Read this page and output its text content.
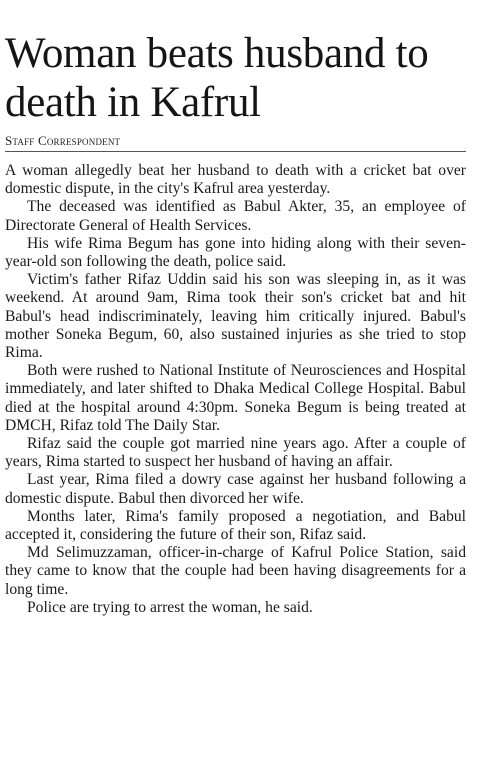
Woman beats husband to death in Kafrul
Staff Correspondent

A woman allegedly beat her husband to death with a cricket bat over domestic dispute, in the city's Kafrul area yesterday.

The deceased was identified as Babul Akter, 35, an employee of Directorate General of Health Services.

His wife Rima Begum has gone into hiding along with their seven-year-old son following the death, police said.

Victim's father Rifaz Uddin said his son was sleeping in, as it was weekend. At around 9am, Rima took their son's cricket bat and hit Babul's head indiscriminately, leaving him critically injured. Babul's mother Soneka Begum, 60, also sustained injuries as she tried to stop Rima.

Both were rushed to National Institute of Neurosciences and Hospital immediately, and later shifted to Dhaka Medical College Hospital. Babul died at the hospital around 4:30pm. Soneka Begum is being treated at DMCH, Rifaz told The Daily Star.

Rifaz said the couple got married nine years ago. After a couple of years, Rima started to suspect her husband of having an affair.

Last year, Rima filed a dowry case against her husband following a domestic dispute. Babul then divorced her wife.

Months later, Rima's family proposed a negotiation, and Babul accepted it, considering the future of their son, Rifaz said.

Md Selimuzzaman, officer-in-charge of Kafrul Police Station, said they came to know that the couple had been having disagreements for a long time.

Police are trying to arrest the woman, he said.
